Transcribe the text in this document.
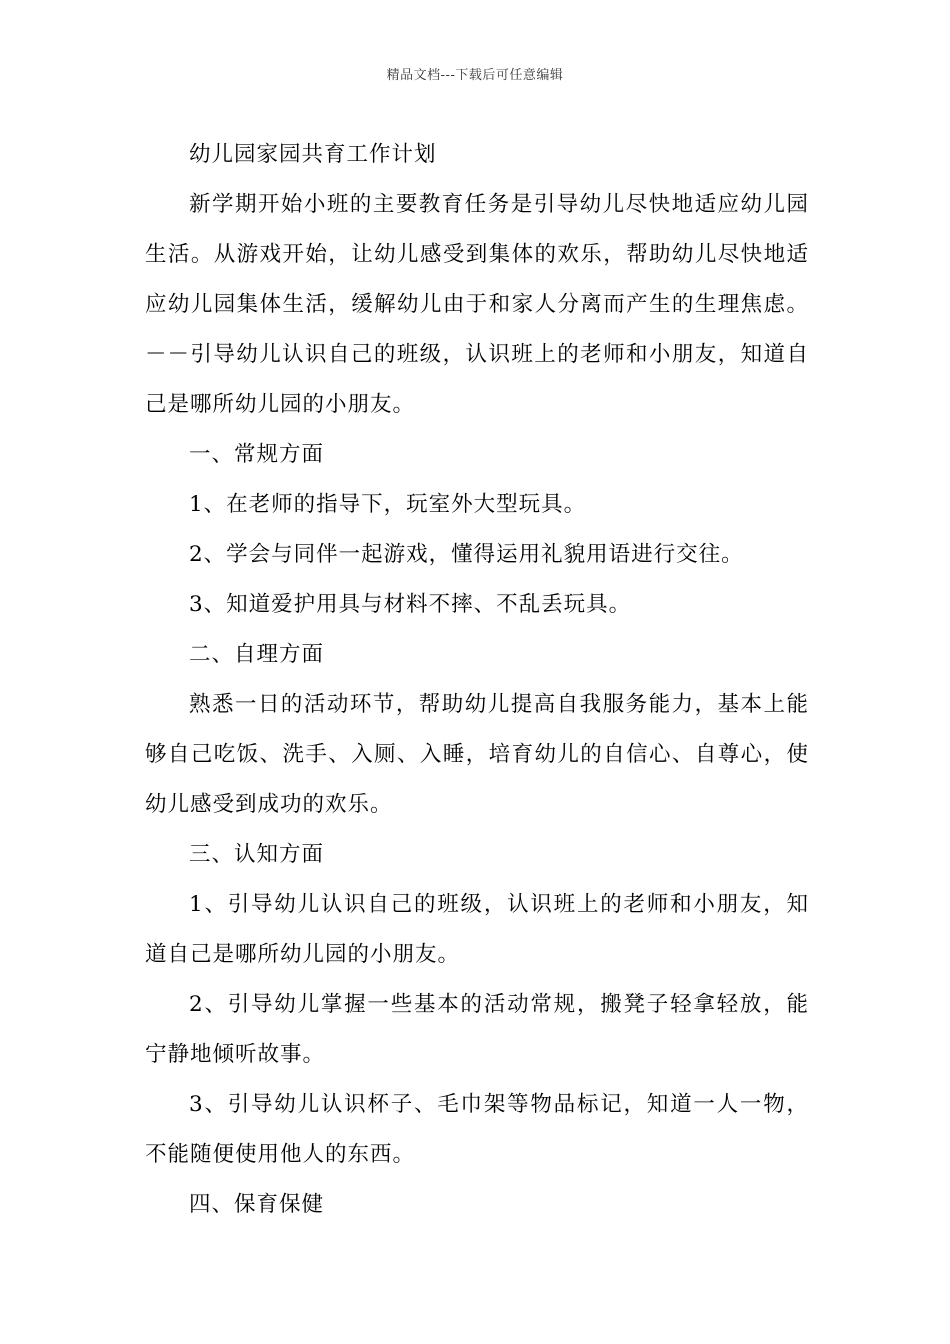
精品文档---下载后可任意编辑

幼儿园家园共育工作计划

新学期开始小班的主要教育任务是引导幼儿尽快地适应幼儿园生活。从游戏开始，让幼儿感受到集体的欢乐，帮助幼儿尽快地适应幼儿园集体生活，缓解幼儿由于和家人分离而产生的生理焦虑。－－引导幼儿认识自己的班级，认识班上的老师和小朋友，知道自己是哪所幼儿园的小朋友。

一、常规方面

1、在老师的指导下，玩室外大型玩具。

2、学会与同伴一起游戏，懂得运用礼貌用语进行交往。

3、知道爱护用具与材料不摔、不乱丢玩具。

二、自理方面

熟悉一日的活动环节，帮助幼儿提高自我服务能力，基本上能够自己吃饭、洗手、入厕、入睡，培育幼儿的自信心、自尊心，使幼儿感受到成功的欢乐。

三、认知方面

1、引导幼儿认识自己的班级，认识班上的老师和小朋友，知道自己是哪所幼儿园的小朋友。

2、引导幼儿掌握一些基本的活动常规，搬凳子轻拿轻放，能宁静地倾听故事。

3、引导幼儿认识杯子、毛巾架等物品标记，知道一人一物，不能随便使用他人的东西。

四、保育保健
